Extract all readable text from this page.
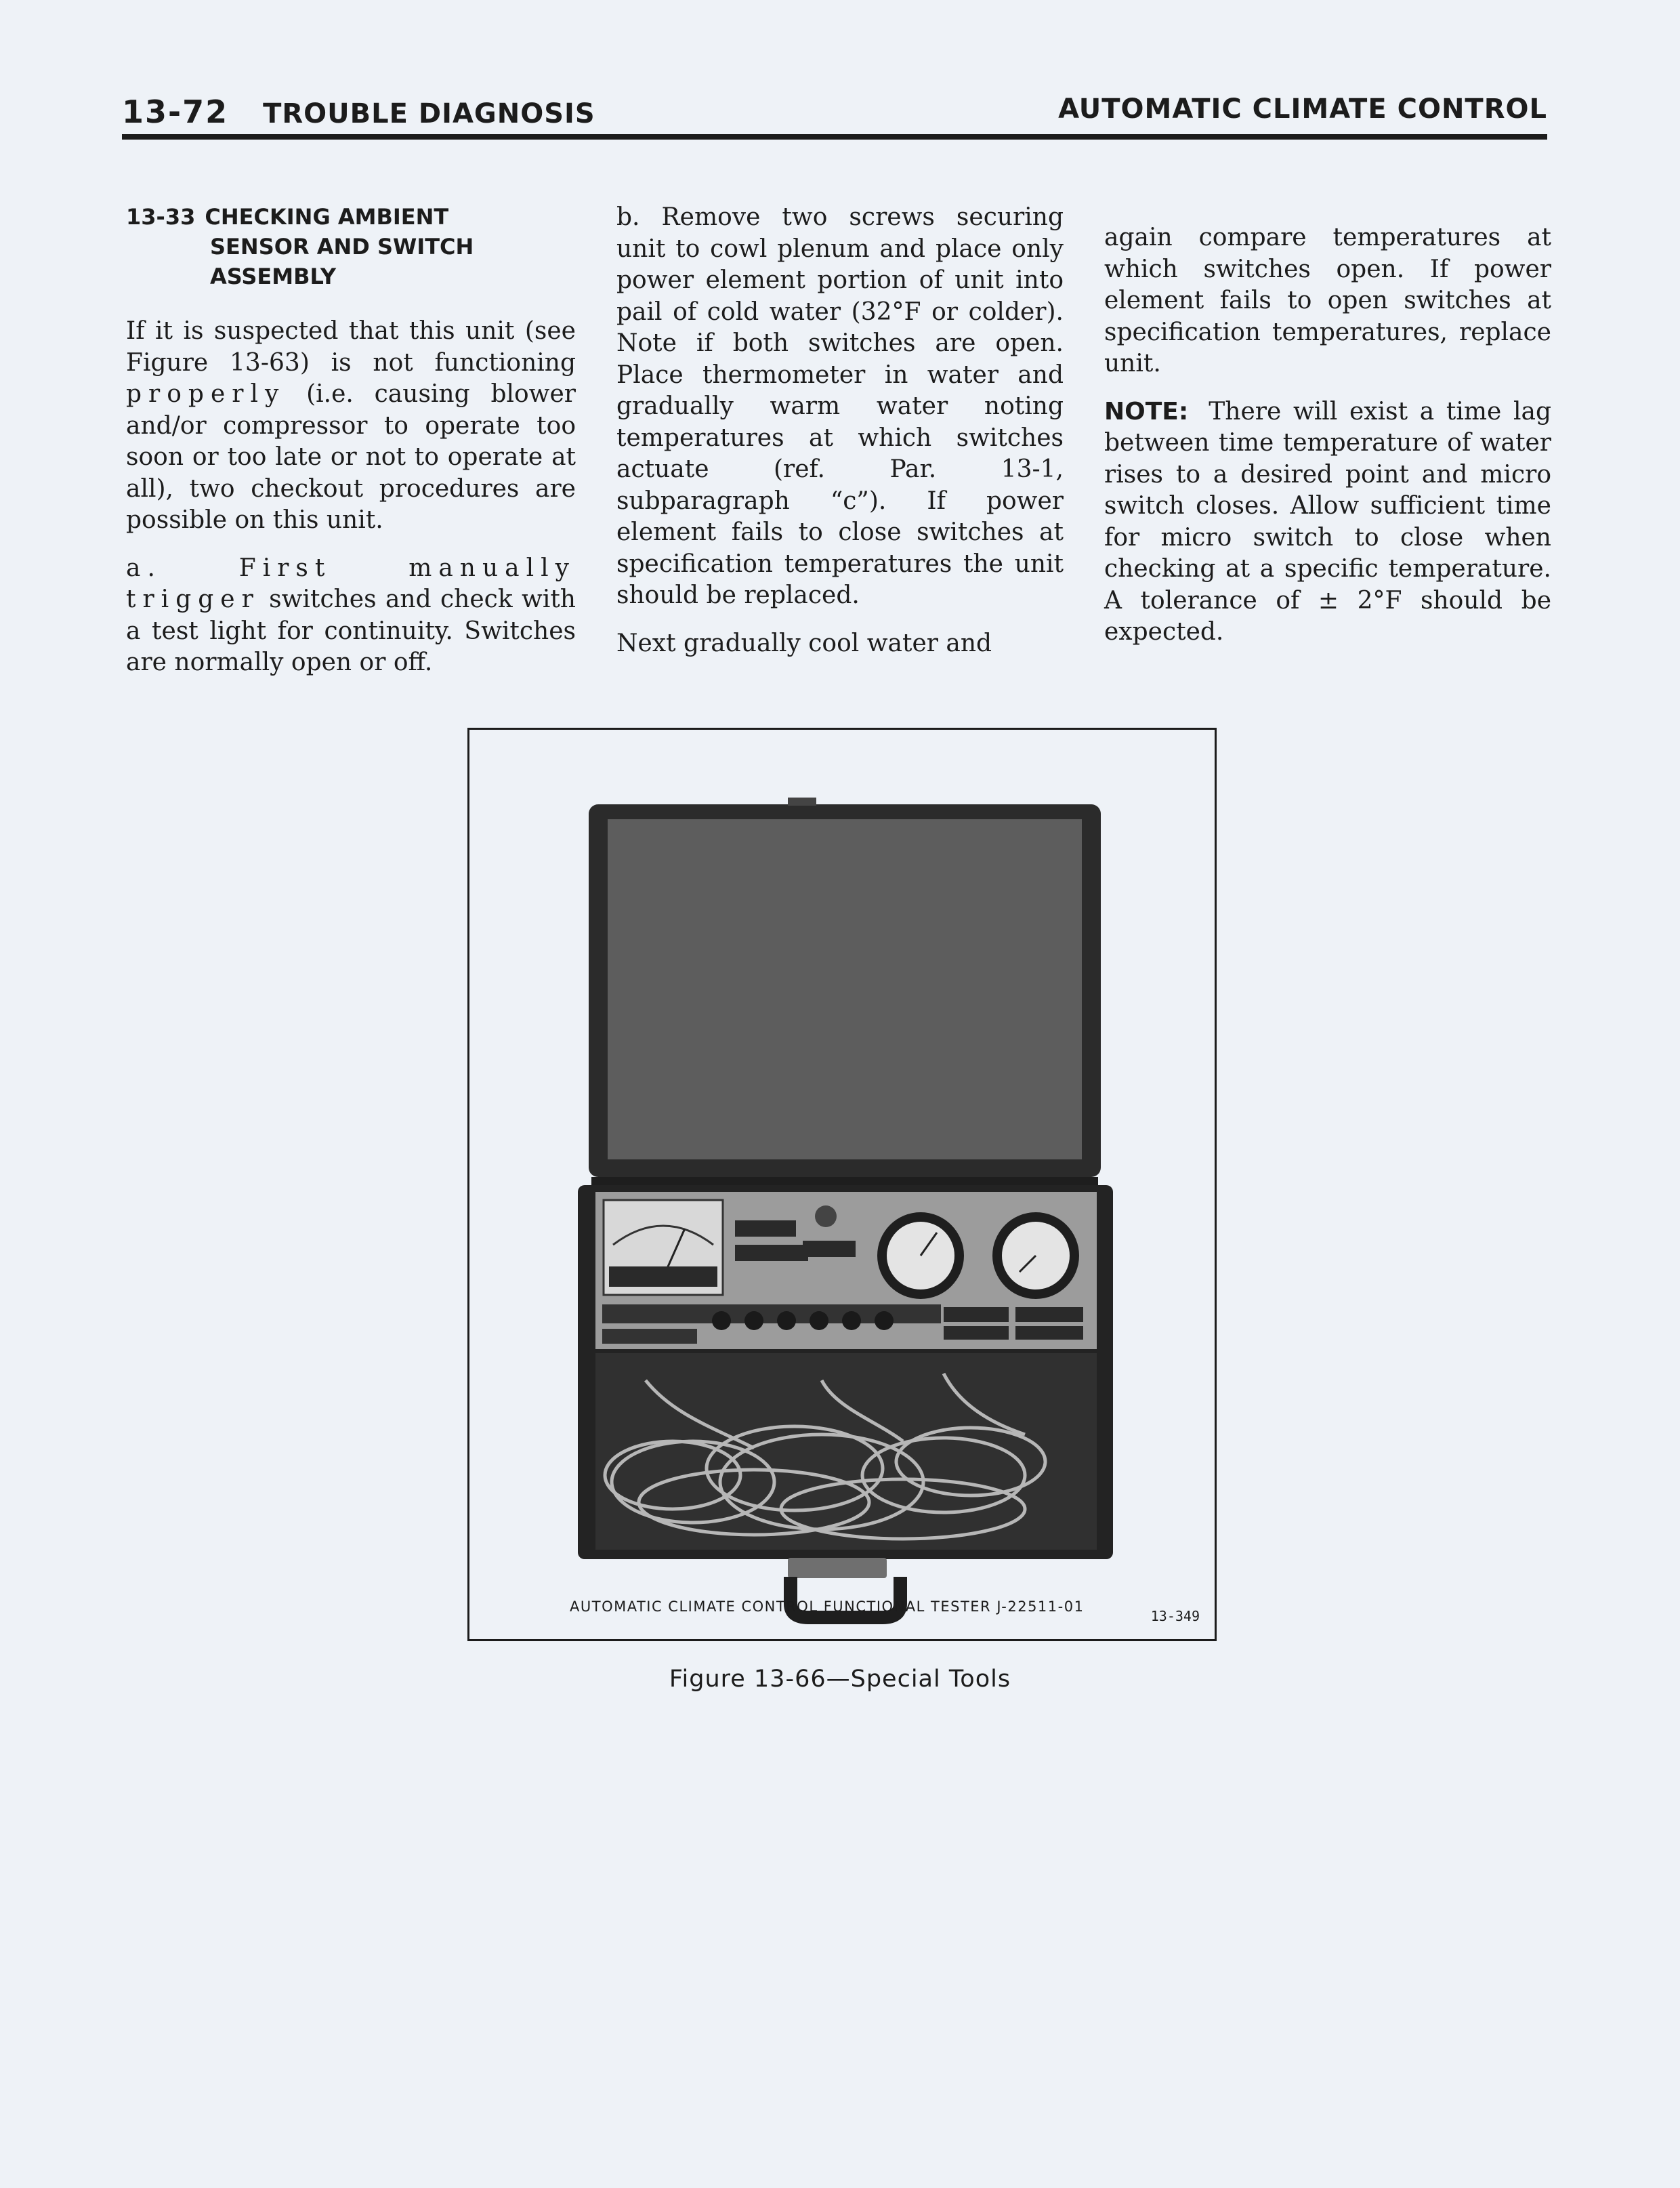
13-72 TROUBLE DIAGNOSIS	AUTOMATIC CLIMATE CONTROL
13-33 CHECKING AMBIENT
SENSOR AND SWITCH ASSEMBLY

If it is suspected that this unit (see Figure 13-63) is not functioning properly (i.e. causing blower and/or compressor to operate too soon or too late or not to operate at all), two checkout procedures are possible on this unit.

a. First manually trigger switches and check with a test light for continuity. Switches are normally open or off.

b. Remove two screws securing unit to cowl plenum and place only power element portion of unit into pail of cold water (32°F or colder). Note if both switches are open. Place thermometer in water and gradually warm water noting temperatures at which switches actuate (ref. Par. 13-1, subparagraph “c”). If power element fails to close switches at specification temperatures the unit should be replaced.

Next gradually cool water and

again compare temperatures at which switches open. If power element fails to open switches at specification temperatures, replace unit.

NOTE: There will exist a time lag between time temperature of water rises to a desired point and micro switch closes. Allow sufficient time for micro switch to close when checking at a specific temperature. A tolerance of ± 2°F should be expected.

AUTOMATIC CLIMATE CONTROL FUNCTIONAL TESTER J-22511-01
13-349
Figure 13-66—Special Tools
